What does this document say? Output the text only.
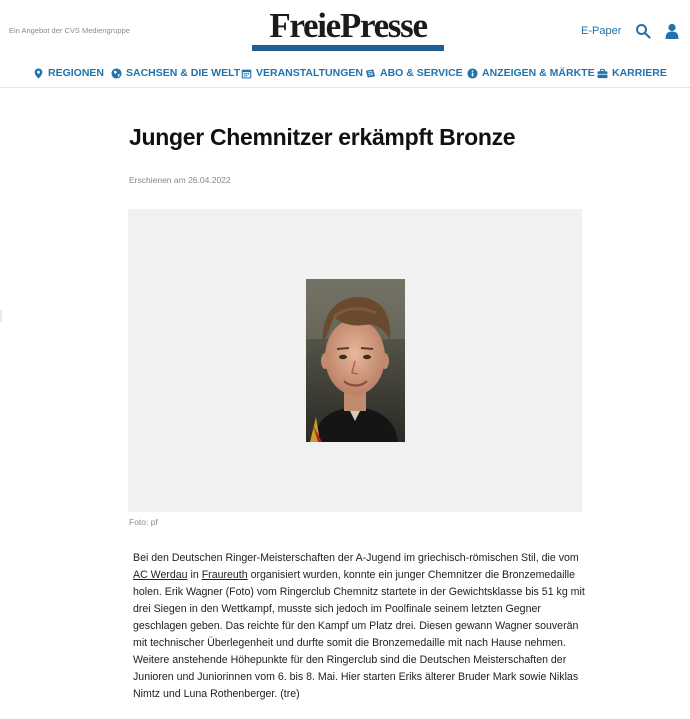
Ein Angebot der CVS Mediengruppe	FreiePresse	E-Paper
REGIONEN SACHSEN & DIE WELT VERANSTALTUNGEN ABO & SERVICE ANZEIGEN & MÄRKTE KARRIERE
Junger Chemnitzer erkämpft Bronze
Erschienen am 26.04.2022
Foto: pf
Bei den Deutschen Ringer-Meisterschaften der A-Jugend im griechisch-römischen Stil, die vom AC Werdau in Fraureuth organisiert wurden, konnte ein junger Chemnitzer die Bronzemedaille holen. Erik Wagner (Foto) vom Ringerclub Chemnitz startete in der Gewichtsklasse bis 51 kg mit drei Siegen in den Wettkampf, musste sich jedoch im Poolfinale seinem letzten Gegner geschlagen geben. Das reichte für den Kampf um Platz drei. Diesen gewann Wagner souverän mit technischer Überlegenheit und durfte somit die Bronzemedaille mit nach Hause nehmen. Weitere anstehende Höhepunkte für den Ringerclub sind die Deutschen Meisterschaften der Junioren und Juniorinnen vom 6. bis 8. Mai. Hier starten Eriks älterer Bruder Mark sowie Niklas Nimtz und Luna Rothenberger. (tre)
